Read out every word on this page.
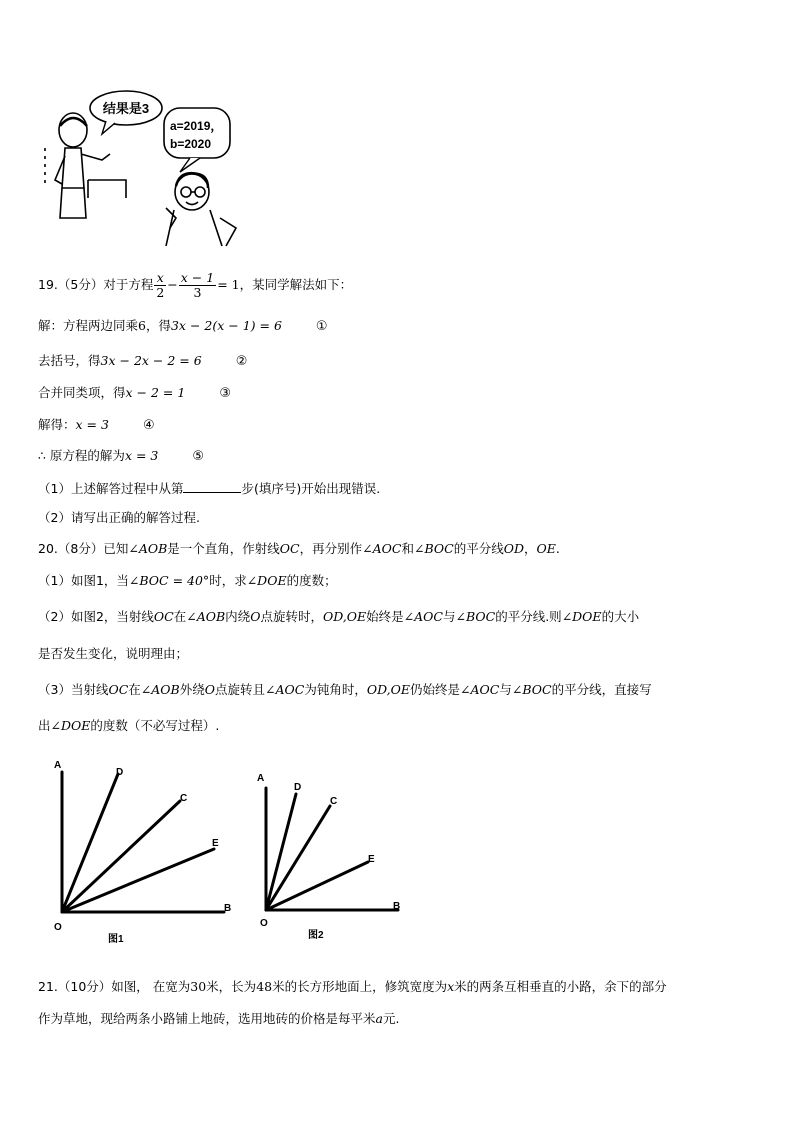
结果是3
a=2019，
b=2020
19.（5分）对于方程 $\frac{x}{2} - \frac{x - 1}{3} = 1$，某同学解法如下：
解：方程两边同乘6，得3x − 2(x − 1) = 6	①
去括号，得3x − 2x − 2 = 6	②
合并同类项，得x − 2 = 1	③
解得：x = 3	④
∴ 原方程的解为x = 3	⑤
（1）上述解答过程中从第	步(填序号)开始出现错误.
（2）请写出正确的解答过程.
20.（8分）已知∠AOB是一个直角，作射线OC，再分别作∠AOC和∠BOC的平分线OD，OE.
（1）如图1，当∠BOC = 40°时，求∠DOE的度数；
（2）如图2，当射线OC在∠AOB内绕O点旋转时，OD,OE始终是∠AOC与∠BOC的平分线.则∠DOE的大小
是否发生变化，说明理由；
（3）当射线OC在∠AOB外绕O点旋转且∠AOC为钝角时，OD,OE仍始终是∠AOC与∠BOC的平分线，直接写
出∠DOE的度数（不必写过程）.
A
D
C
E
B
O
图1
A
D
C
E
B
O
图2
21.（10分）如图， 在宽为30米，长为48米的长方形地面上，修筑宽度为x米的两条互相垂直的小路，余下的部分
作为草地，现给两条小路铺上地砖，选用地砖的价格是每平米a元.
